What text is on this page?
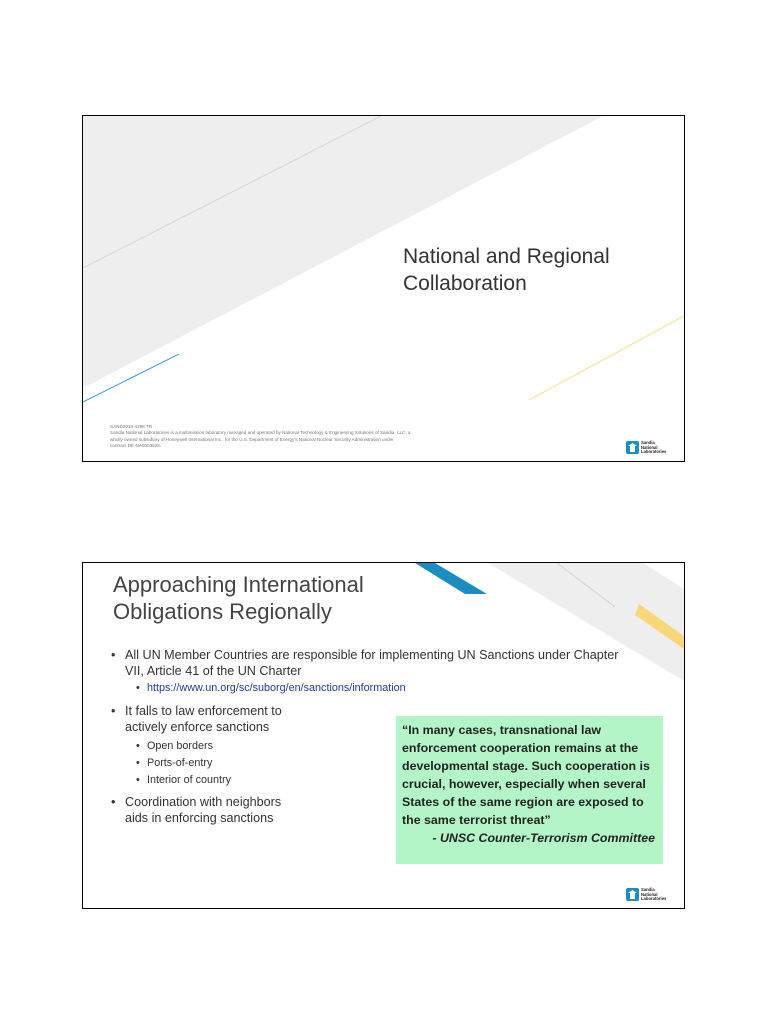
National and Regional
Collaboration
SAND2018-4298 TR
Sandia National Laboratories is a multimission laboratory managed and operated by National Technology & Engineering Solutions of Sandia, LLC, a
wholly owned subsidiary of Honeywell International Inc., for the U.S. Department of Energy's National Nuclear Security Administration under
contract DE-NA0003525.
Sandia
National
Laboratories
Approaching International
Obligations Regionally
• All UN Member Countries are responsible for implementing UN Sanctions under Chapter
VII, Article 41 of the UN Charter
• https://www.un.org/sc/suborg/en/sanctions/information
• It falls to law enforcement to
actively enforce sanctions
• Open borders
• Ports-of-entry
• Interior of country
• Coordination with neighbors
aids in enforcing sanctions
“In many cases, transnational law
enforcement cooperation remains at the
developmental stage. Such cooperation is
crucial, however, especially when several
States of the same region are exposed to
the same terrorist threat”
- UNSC Counter-Terrorism Committee
Sandia
National
Laboratories
